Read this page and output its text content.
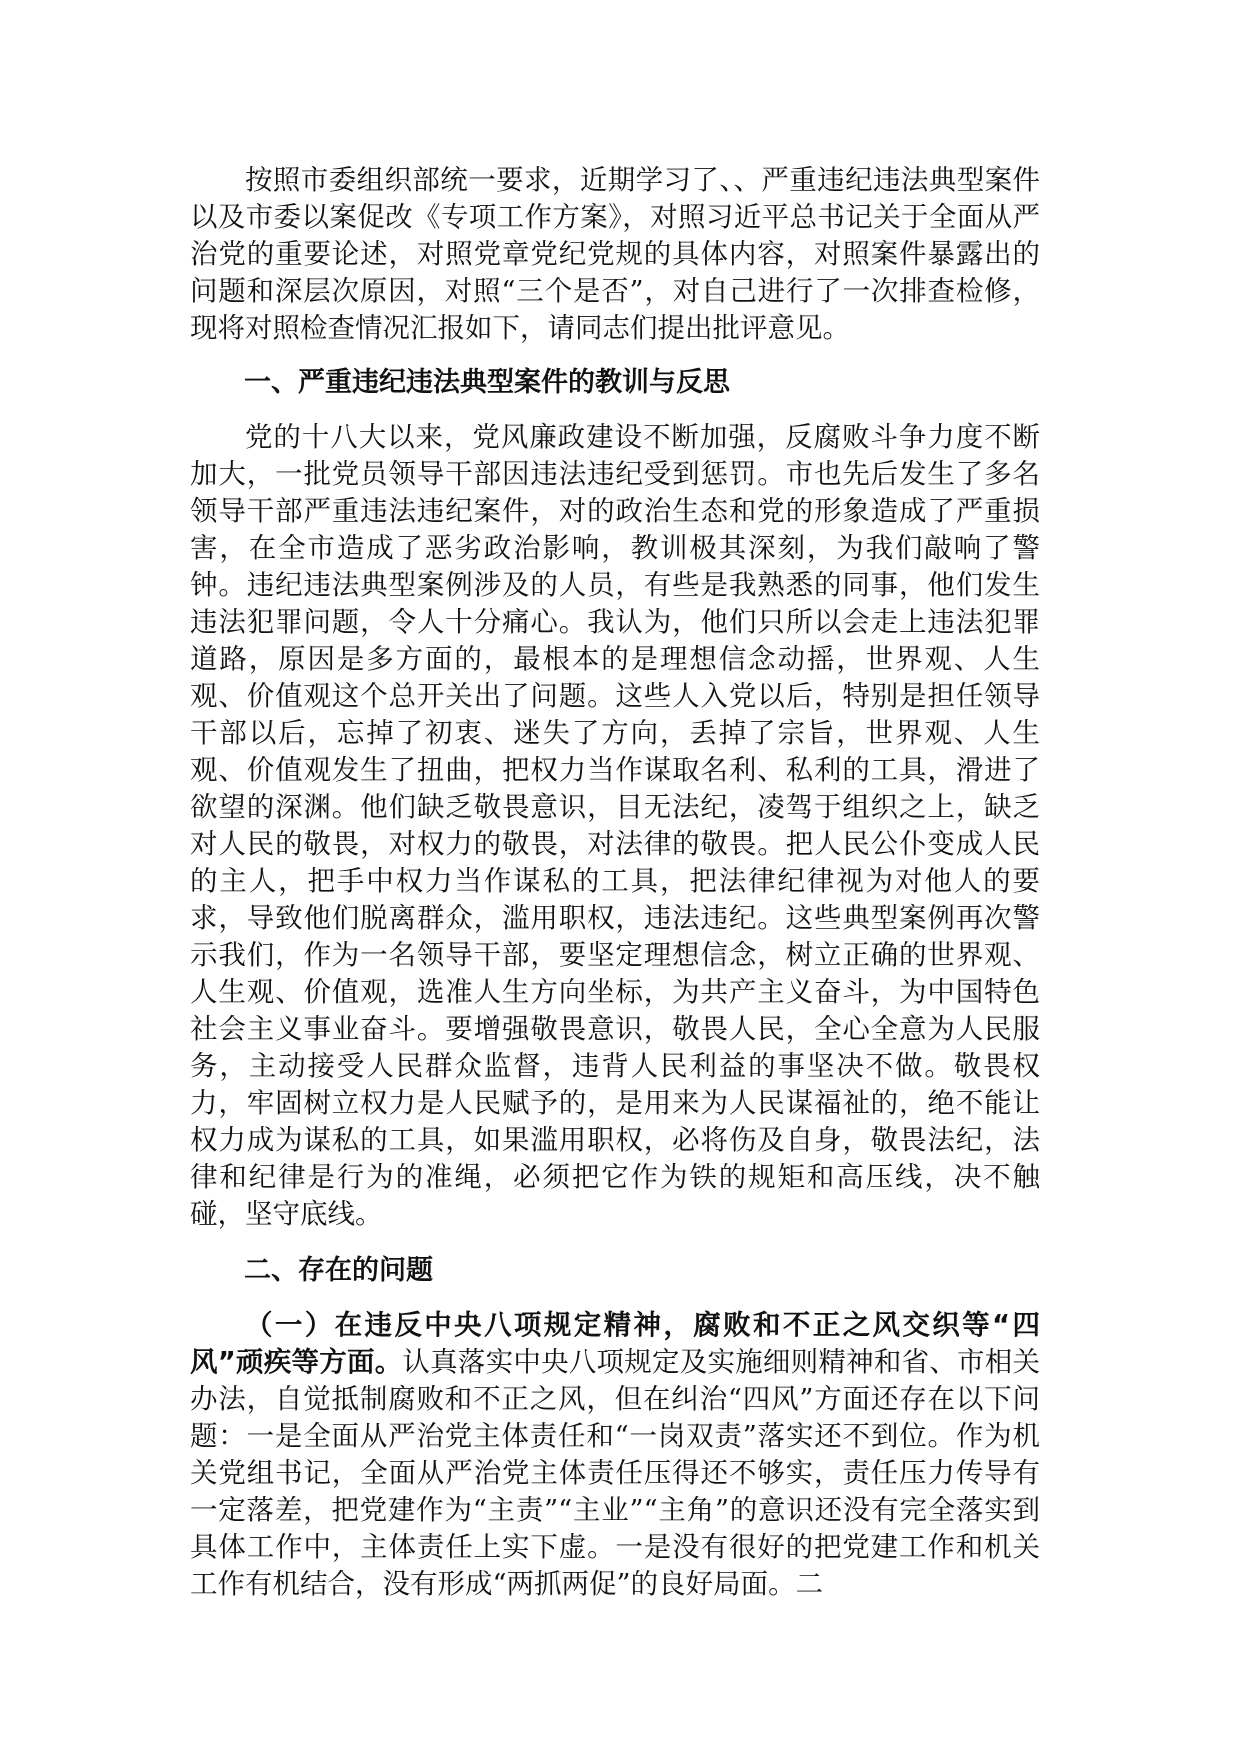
按照市委组织部统一要求，近期学习了、、严重违纪违法典型案件以及市委以案促改《专项工作方案》，对照习近平总书记关于全面从严治党的重要论述，对照党章党纪党规的具体内容，对照案件暴露出的问题和深层次原因，对照“三个是否”，对自己进行了一次排查检修，现将对照检查情况汇报如下，请同志们提出批评意见。

一、严重违纪违法典型案件的教训与反思

党的十八大以来，党风廉政建设不断加强，反腐败斗争力度不断加大，一批党员领导干部因违法违纪受到惩罚。市也先后发生了多名领导干部严重违法违纪案件，对的政治生态和党的形象造成了严重损害，在全市造成了恶劣政治影响，教训极其深刻，为我们敲响了警钟。违纪违法典型案例涉及的人员，有些是我熟悉的同事，他们发生违法犯罪问题，令人十分痛心。我认为，他们只所以会走上违法犯罪道路，原因是多方面的，最根本的是理想信念动摇，世界观、人生观、价值观这个总开关出了问题。这些人入党以后，特别是担任领导干部以后，忘掉了初衷、迷失了方向，丢掉了宗旨，世界观、人生观、价值观发生了扭曲，把权力当作谋取名利、私利的工具，滑进了欲望的深渊。他们缺乏敬畏意识，目无法纪，凌驾于组织之上，缺乏对人民的敬畏，对权力的敬畏，对法律的敬畏。把人民公仆变成人民的主人，把手中权力当作谋私的工具，把法律纪律视为对他人的要求，导致他们脱离群众，滥用职权，违法违纪。这些典型案例再次警示我们，作为一名领导干部，要坚定理想信念，树立正确的世界观、人生观、价值观，选准人生方向坐标，为共产主义奋斗，为中国特色社会主义事业奋斗。要增强敬畏意识，敬畏人民，全心全意为人民服务，主动接受人民群众监督，违背人民利益的事坚决不做。敬畏权力，牢固树立权力是人民赋予的，是用来为人民谋福祉的，绝不能让权力成为谋私的工具，如果滥用职权，必将伤及自身，敬畏法纪，法律和纪律是行为的准绳，必须把它作为铁的规矩和高压线，决不触碰，坚守底线。

二、存在的问题

（一）在违反中央八项规定精神，腐败和不正之风交织等“四风”顽疾等方面。认真落实中央八项规定及实施细则精神和省、市相关办法，自觉抵制腐败和不正之风，但在纠治“四风”方面还存在以下问题：一是全面从严治党主体责任和“一岗双责”落实还不到位。作为机关党组书记，全面从严治党主体责任压得还不够实，责任压力传导有一定落差，把党建作为“主责”“主业”“主角”的意识还没有完全落实到具体工作中，主体责任上实下虚。一是没有很好的把党建工作和机关工作有机结合，没有形成“两抓两促”的良好局面。二
